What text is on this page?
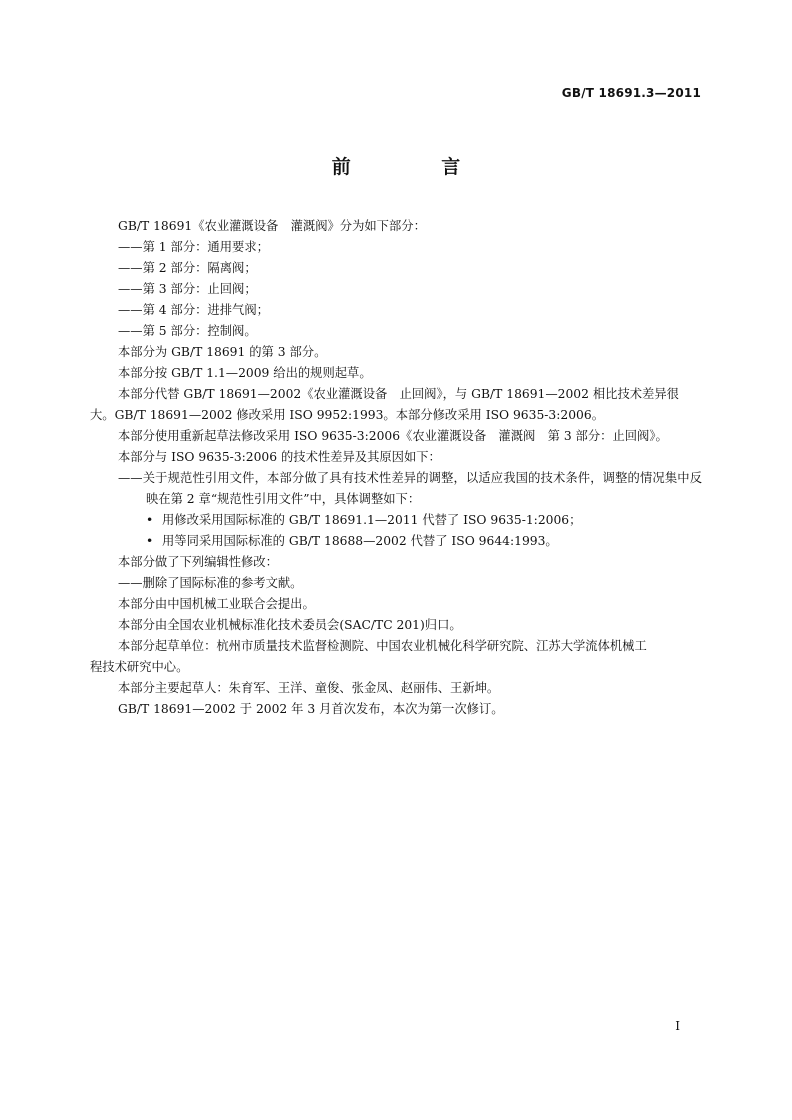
GB/T 18691.3—2011
前 言

GB/T 18691《农业灌溉设备　灌溉阀》分为如下部分：

——第 1 部分：通用要求；

——第 2 部分：隔离阀；

——第 3 部分：止回阀；

——第 4 部分：进排气阀；

——第 5 部分：控制阀。

本部分为 GB/T 18691 的第 3 部分。

本部分按 GB/T 1.1—2009 给出的规则起草。

本部分代替 GB/T 18691—2002《农业灌溉设备　止回阀》，与 GB/T 18691—2002 相比技术差异很

大。GB/T 18691—2002 修改采用 ISO 9952:1993。本部分修改采用 ISO 9635-3:2006。

本部分使用重新起草法修改采用 ISO 9635-3:2006《农业灌溉设备　灌溉阀　第 3 部分：止回阀》。

本部分与 ISO 9635-3:2006 的技术性差异及其原因如下：

——关于规范性引用文件，本部分做了具有技术性差异的调整，以适应我国的技术条件，调整的情况集中反映在第 2 章“规范性引用文件”中，具体调整如下：

• 用修改采用国际标准的 GB/T 18691.1—2011 代替了 ISO 9635-1:2006；

• 用等同采用国际标准的 GB/T 18688—2002 代替了 ISO 9644:1993。

本部分做了下列编辑性修改：

——删除了国际标准的参考文献。

本部分由中国机械工业联合会提出。

本部分由全国农业机械标准化技术委员会(SAC/TC 201)归口。

本部分起草单位：杭州市质量技术监督检测院、中国农业机械化科学研究院、江苏大学流体机械工

程技术研究中心。

本部分主要起草人：朱育军、王洋、童俊、张金凤、赵丽伟、王新坤。

GB/T 18691—2002 于 2002 年 3 月首次发布，本次为第一次修订。

I
